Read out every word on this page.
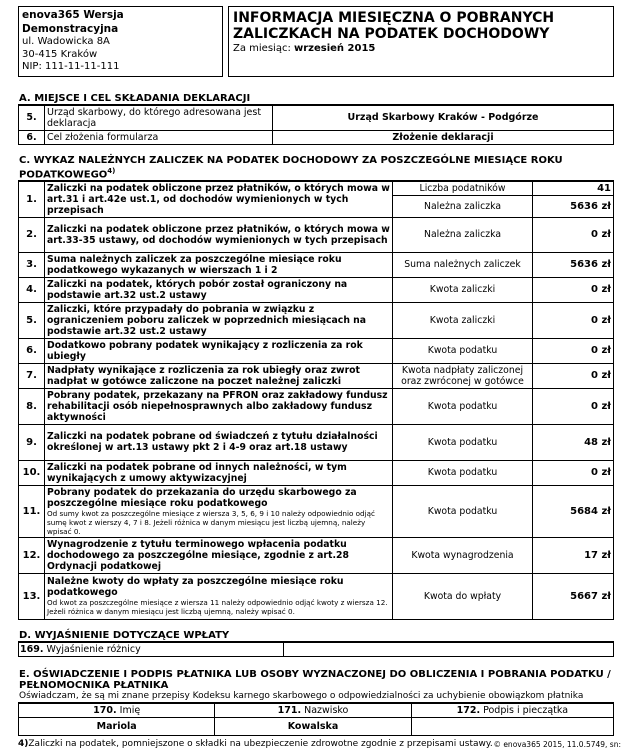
enova365 Wersja Demonstracyjna
ul. Wadowicka 8A
30-415 Kraków
NIP: 111-11-11-111
INFORMACJA MIESIĘCZNA O POBRANYCH
ZALICZKACH NA PODATEK DOCHODOWY
Za miesiąc: wrzesień 2015
A. MIEJSCE I CEL SKŁADANIA DEKLARACJI
5.	Urząd skarbowy, do którego adresowana jest deklaracja	Urząd Skarbowy Kraków - Podgórze
6.	Cel złożenia formularza	Złożenie deklaracji
C. WYKAZ NALEŻNYCH ZALICZEK NA PODATEK DOCHODOWY ZA POSZCZEGÓLNE MIESIĄCE ROKU PODATKOWEGO$^{4)}$
1.	Zaliczki na podatek obliczone przez płatników, o których mowa w art.31 i art.42e ust.1, od dochodów wymienionych w tych przepisach	Liczba podatników	41
		Należna zaliczka	5636 zł
2.	Zaliczki na podatek obliczone przez płatników, o których mowa w art.33-35 ustawy, od dochodów wymienionych w tych przepisach	Należna zaliczka	0 zł
3.	Suma należnych zaliczek za poszczególne miesiące roku podatkowego wykazanych w wierszach 1 i 2	Suma należnych zaliczek	5636 zł
4.	Zaliczki na podatek, których pobór został ograniczony na podstawie art.32 ust.2 ustawy	Kwota zaliczki	0 zł
5.	Zaliczki, które przypadały do pobrania w związku z ograniczeniem poboru zaliczek w poprzednich miesiącach na podstawie art.32 ust.2 ustawy	Kwota zaliczki	0 zł
6.	Dodatkowo pobrany podatek wynikający z rozliczenia za rok ubiegły	Kwota podatku	0 zł
7.	Nadpłaty wynikające z rozliczenia za rok ubiegły oraz zwrot nadpłat w gotówce zaliczone na poczet należnej zaliczki	Kwota nadpłaty zaliczonej oraz zwróconej w gotówce	0 zł
8.	Pobrany podatek, przekazany na PFRON oraz zakładowy fundusz rehabilitacji osób niepełnosprawnych albo zakładowy fundusz aktywności	Kwota podatku	0 zł
9.	Zaliczki na podatek pobrane od świadczeń z tytułu działalności określonej w art.13 ustawy pkt 2 i 4-9 oraz art.18 ustawy	Kwota podatku	48 zł
10.	Zaliczki na podatek pobrane od innych należności, w tym wynikających z umowy aktywizacyjnej	Kwota podatku	0 zł
11.	Pobrany podatek do przekazania do urzędu skarbowego za poszczególne miesiące roku podatkowego
Od sumy kwot za poszczególne miesiące z wiersza 3, 5, 6, 9 i 10 należy odpowiednio odjąć sumę kwot z wierszy 4, 7 i 8. Jeżeli różnica w danym miesiącu jest liczbą ujemną, należy wpisać 0.	Kwota podatku	5684 zł
12.	Wynagrodzenie z tytułu terminowego wpłacenia podatku dochodowego za poszczególne miesiące, zgodnie z art.28 Ordynacji podatkowej	Kwota wynagrodzenia	17 zł
13.	Należne kwoty do wpłaty za poszczególne miesiące roku podatkowego
Od kwot za poszczególne miesiące z wiersza 11 należy odpowiednio odjąć kwoty z wiersza 12. Jeżeli różnica w danym miesiącu jest liczbą ujemną, należy wpisać 0.	Kwota do wpłaty	5667 zł
D. WYJAŚNIENIE DOTYCZĄCE WPŁATY
169. Wyjaśnienie różnicy	
E. OŚWIADCZENIE I PODPIS PŁATNIKA LUB OSOBY WYZNACZONEJ DO OBLICZENIA I POBRANIA PODATKU / PEŁNOMOCNIKA PŁATNIKA
Oświadczam, że są mi znane przepisy Kodeksu karnego skarbowego o odpowiedzialności za uchybienie obowiązkom płatnika
170. Imię	171. Nazwisko	172. Podpis i pieczątka
Mariola	Kowalska	
4)Zaliczki na podatek, pomniejszone o składki na ubezpieczenie zdrowotne zgodnie z przepisami ustawy. © enova365 2015, 11.0.5749, sn:
